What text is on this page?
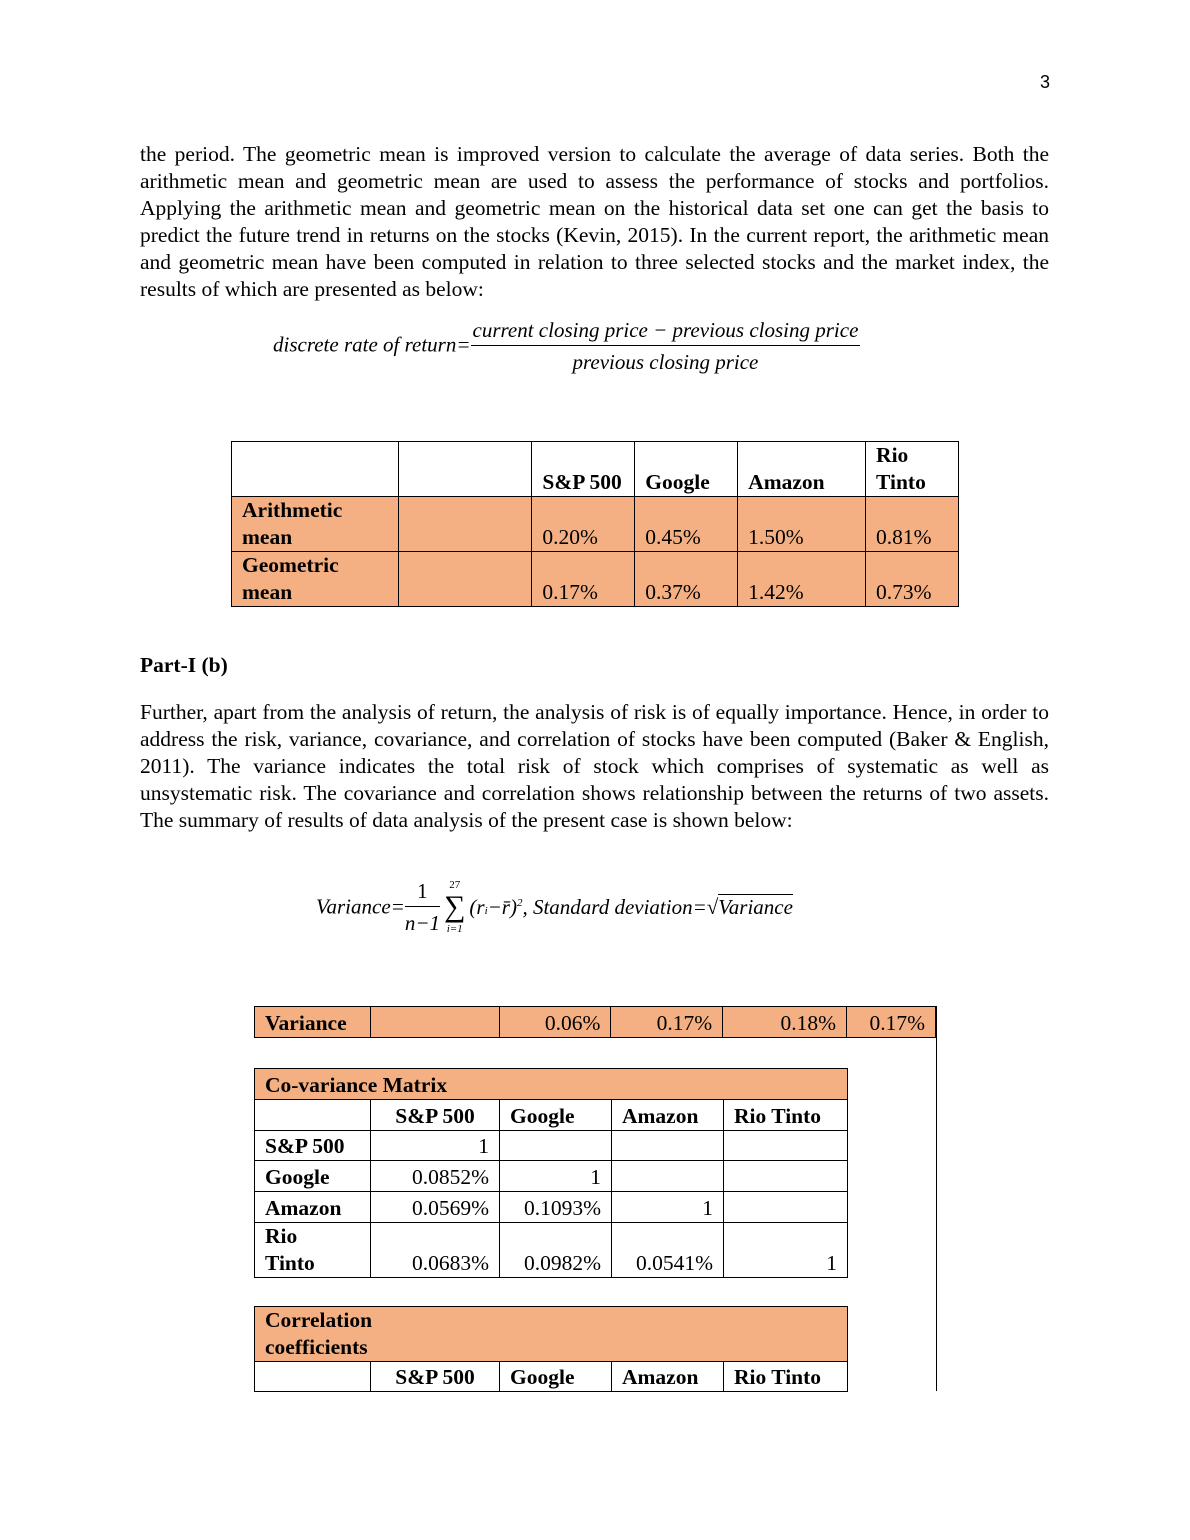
3

the period. The geometric mean is improved version to calculate the average of data series. Both the arithmetic mean and geometric mean are used to assess the performance of stocks and portfolios. Applying the arithmetic mean and geometric mean on the historical data set one can get the basis to predict the future trend in returns on the stocks (Kevin, 2015). In the current report, the arithmetic mean and geometric mean have been computed in relation to three selected stocks and the market index, the results of which are presented as below:

discrete rate of return= $\frac{\text{current closing price − previous closing price}}{\text{previous closing price}}$
		S&P 500	Google	Amazon	Rio Tinto
Arithmetic mean		0.20%	0.45%	1.50%	0.81%
Geometric mean		0.17%	0.37%	1.42%	0.73%
Part-I (b)

Further, apart from the analysis of return, the analysis of risk is of equally importance. Hence, in order to address the risk, variance, covariance, and correlation of stocks have been computed (Baker & English, 2011). The variance indicates the total risk of stock which comprises of systematic as well as unsystematic risk. The covariance and correlation shows relationship between the returns of two assets. The summary of results of data analysis of the present case is shown below:

Variance= $\frac{1}{n-1} 27$
∑
i=1
(ri−r̄)$^2$, Standard deviation=√Variance
Variance		0.06%	0.17%	0.18%	0.17%
Co-variance Matrix				
	S&P 500	Google	Amazon	Rio Tinto
S&P 500	1			
Google	0.0852%	1		
Amazon	0.0569%	0.1093%	1	

Rio Tinto	0.0683%	0.0982%	0.0541%	1
Correlation coefficients

	S&P 500	Google	Amazon	Rio Tinto
